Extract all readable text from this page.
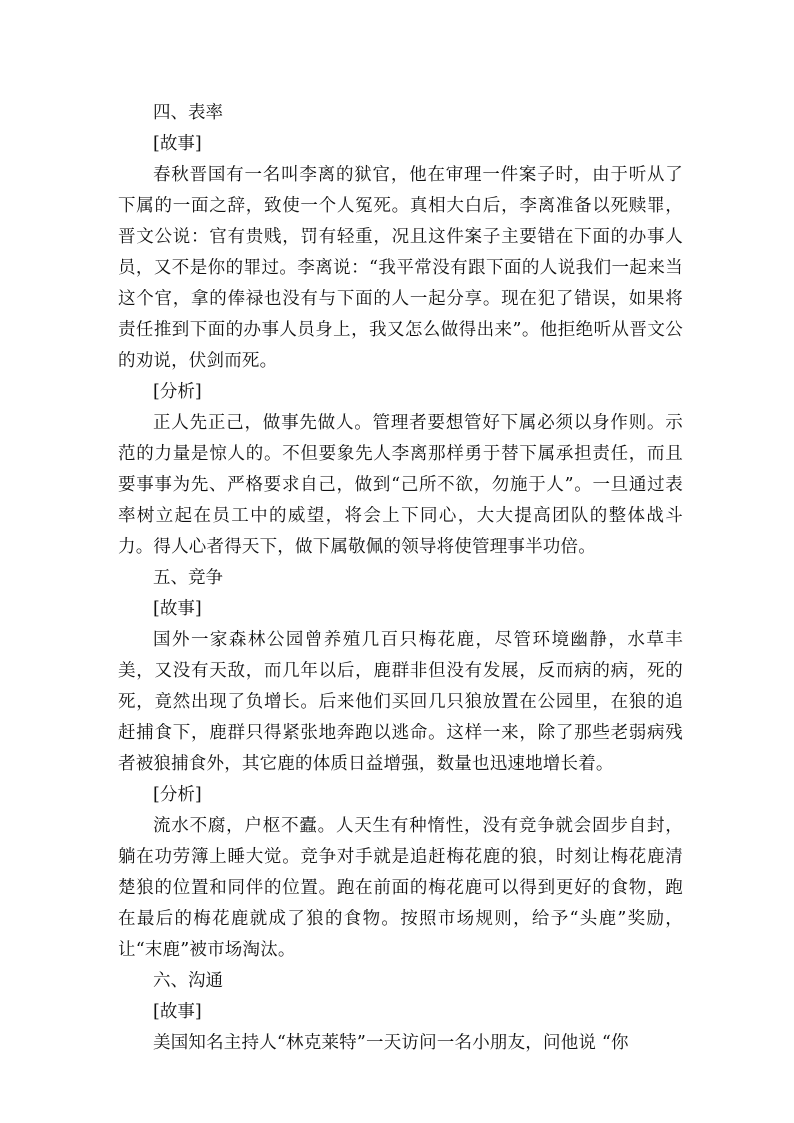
四、表率

[故事]

春秋晋国有一名叫李离的狱官，他在审理一件案子时，由于听从了下属的一面之辞，致使一个人冤死。真相大白后，李离准备以死赎罪，晋文公说：官有贵贱，罚有轻重，况且这件案子主要错在下面的办事人员，又不是你的罪过。李离说：“我平常没有跟下面的人说我们一起来当这个官，拿的俸禄也没有与下面的人一起分享。现在犯了错误，如果将责任推到下面的办事人员身上，我又怎么做得出来”。他拒绝听从晋文公的劝说，伏剑而死。

[分析]

正人先正己，做事先做人。管理者要想管好下属必须以身作则。示范的力量是惊人的。不但要象先人李离那样勇于替下属承担责任，而且要事事为先、严格要求自己，做到“己所不欲，勿施于人”。一旦通过表率树立起在员工中的威望，将会上下同心，大大提高团队的整体战斗力。得人心者得天下，做下属敬佩的领导将使管理事半功倍。

五、竞争

[故事]

国外一家森林公园曾养殖几百只梅花鹿，尽管环境幽静，水草丰美，又没有天敌，而几年以后，鹿群非但没有发展，反而病的病，死的死，竟然出现了负增长。后来他们买回几只狼放置在公园里，在狼的追赶捕食下，鹿群只得紧张地奔跑以逃命。这样一来，除了那些老弱病残者被狼捕食外，其它鹿的体质日益增强，数量也迅速地增长着。

[分析]

流水不腐，户枢不蠹。人天生有种惰性，没有竞争就会固步自封，躺在功劳簿上睡大觉。竞争对手就是追赶梅花鹿的狼，时刻让梅花鹿清楚狼的位置和同伴的位置。跑在前面的梅花鹿可以得到更好的食物，跑在最后的梅花鹿就成了狼的食物。按照市场规则，给予“头鹿”奖励，让“末鹿”被市场淘汰。

六、沟通

[故事]

美国知名主持人“林克莱特”一天访问一名小朋友，问他说 “你
